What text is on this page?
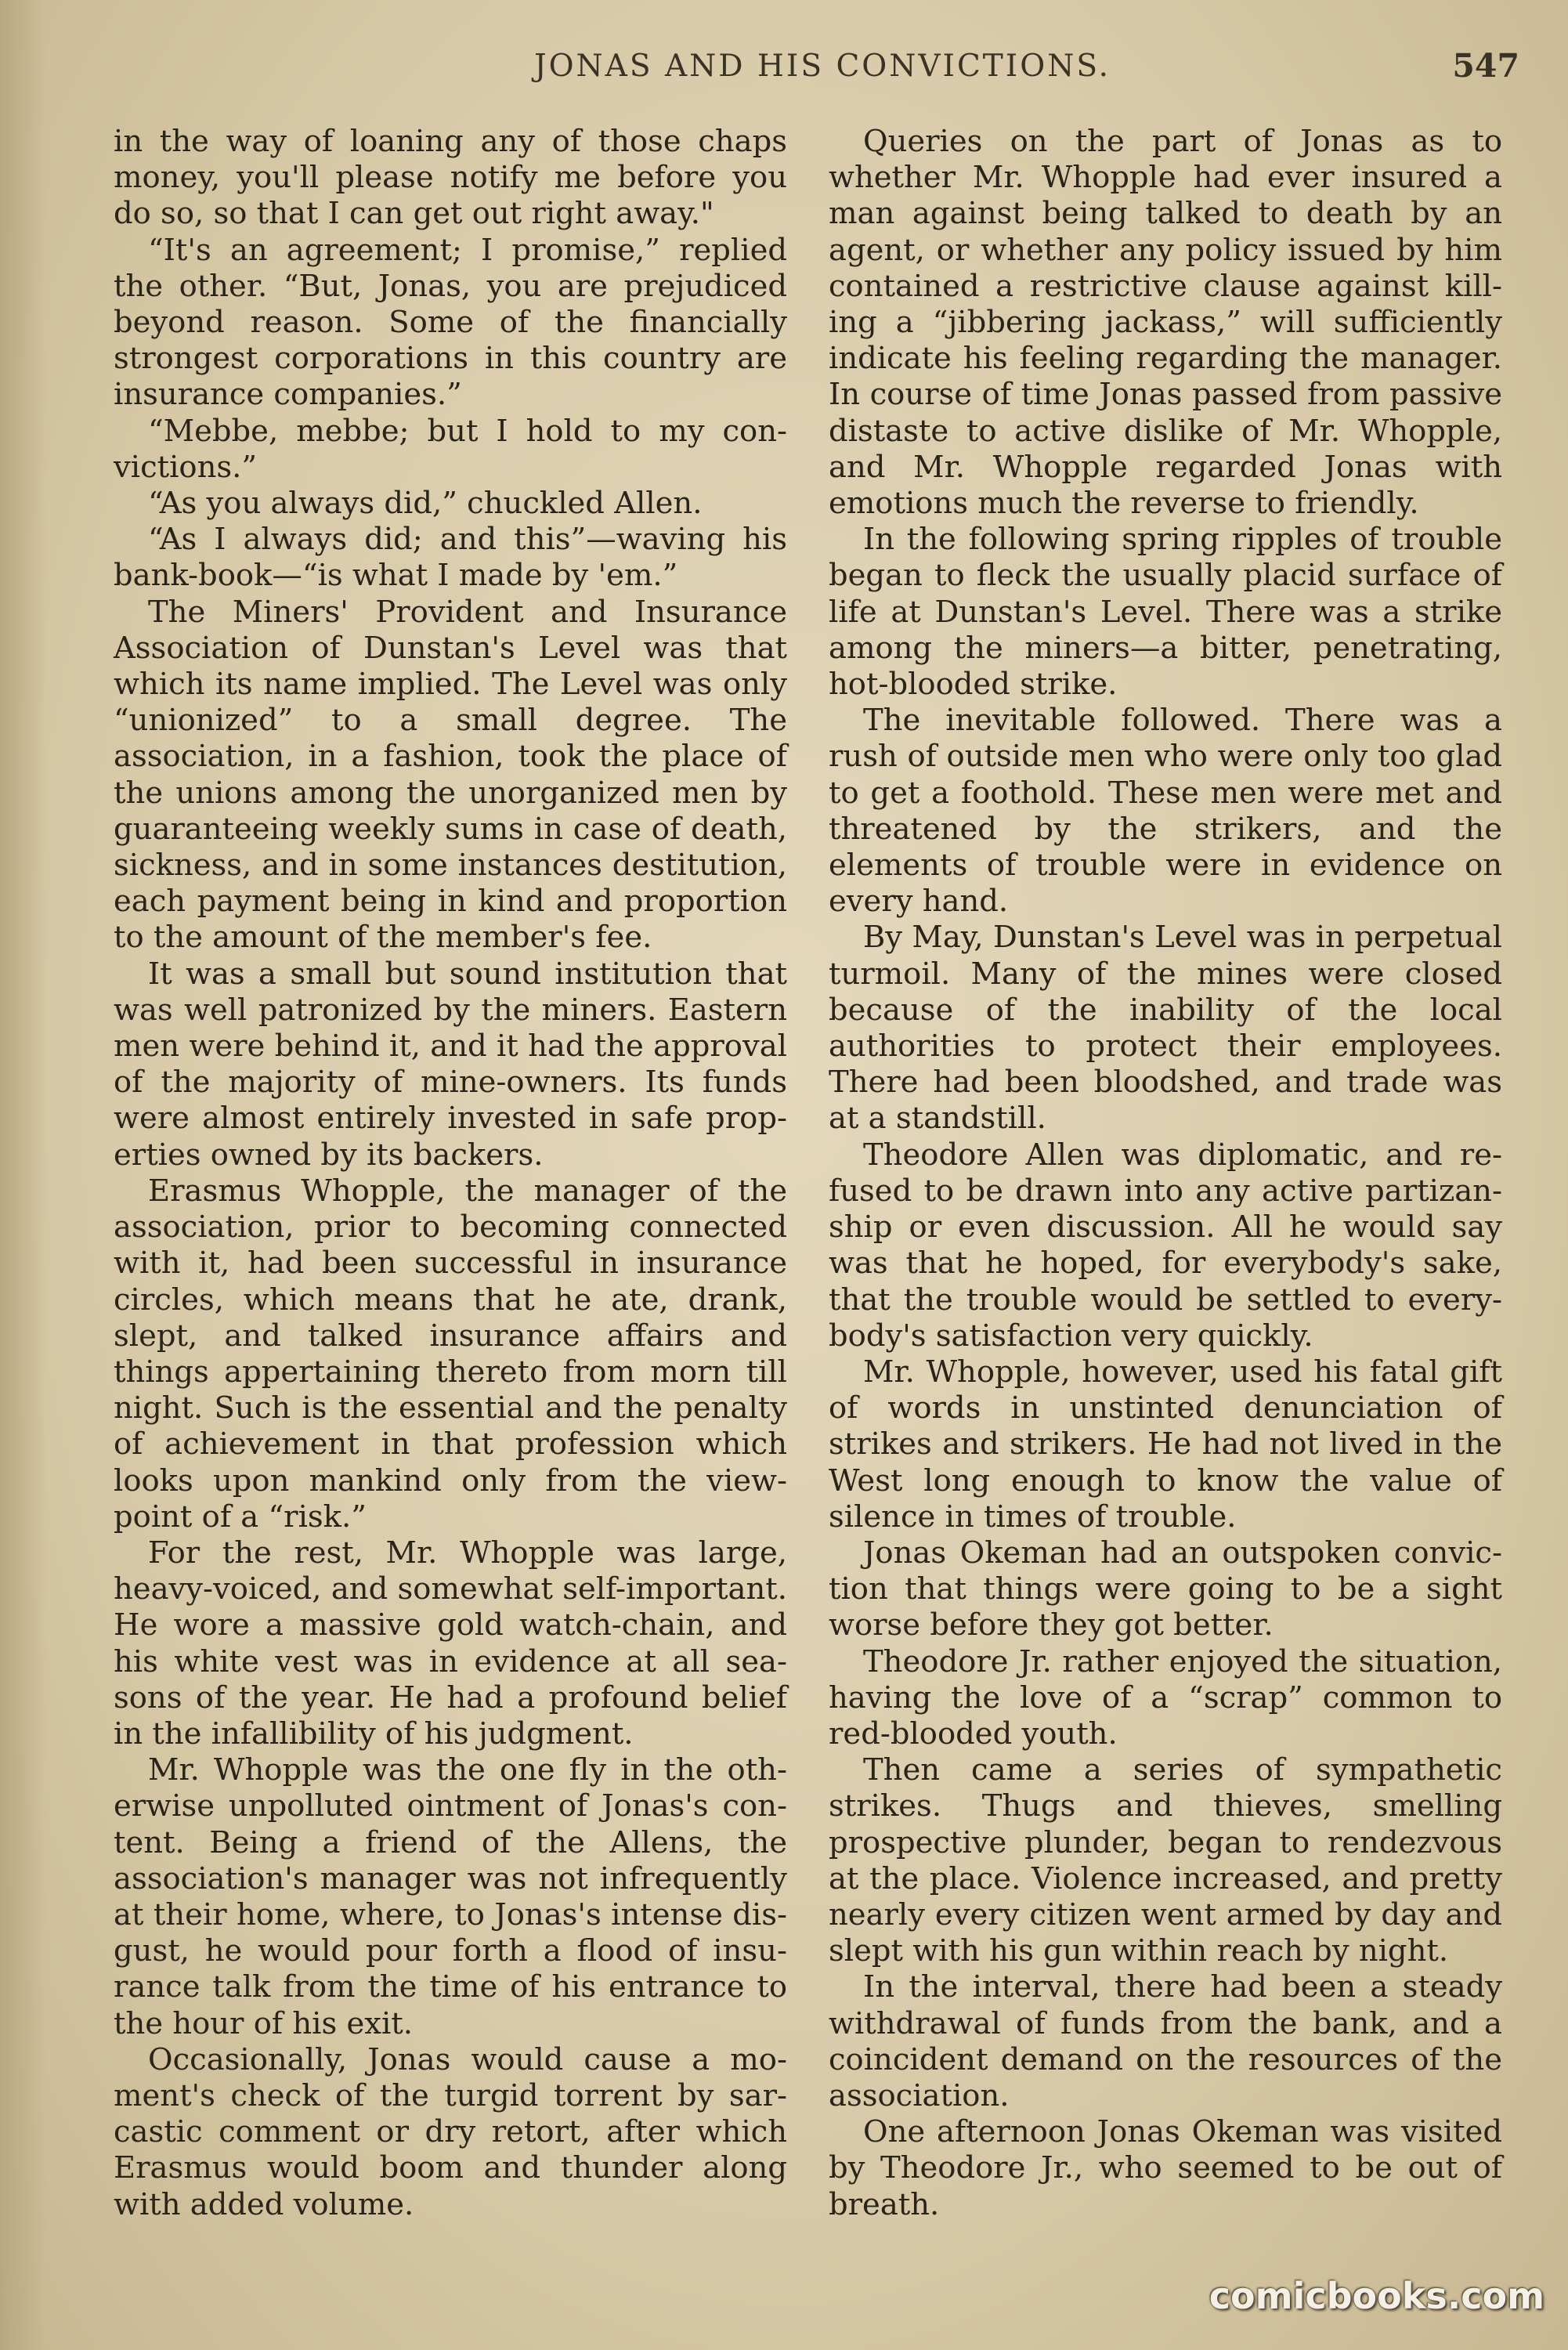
JONAS AND HIS CONVICTIONS.	547

in the way of loaning any of those chaps money, you'll please notify me before you do so, so that I can get out right away."

“It's an agreement; I promise,” replied the other. “But, Jonas, you are prejudiced beyond reason. Some of the financially strongest corporations in this country are insurance companies.”

“Mebbe, mebbe; but I hold to my convictions.”

“As you always did,” chuckled Allen.

“As I always did; and this”—waving his bank-book—“is what I made by 'em.”

The Miners' Provident and Insurance Association of Dunstan's Level was that which its name implied. The Level was only “unionized” to a small degree. The association, in a fashion, took the place of the unions among the unorganized men by guaranteeing weekly sums in case of death, sickness, and in some instances destitution, each payment being in kind and proportion to the amount of the member's fee.

It was a small but sound institution that was well patronized by the miners. Eastern men were behind it, and it had the approval of the majority of mine-owners. Its funds were almost entirely invested in safe properties owned by its backers.

Erasmus Whopple, the manager of the association, prior to becoming connected with it, had been successful in insurance circles, which means that he ate, drank, slept, and talked insurance affairs and things appertaining thereto from morn till night. Such is the essential and the penalty of achievement in that profession which looks upon mankind only from the viewpoint of a “risk.”

For the rest, Mr. Whopple was large, heavy-voiced, and somewhat self-important. He wore a massive gold watch-chain, and his white vest was in evidence at all seasons of the year. He had a profound belief in the infallibility of his judgment.

Mr. Whopple was the one fly in the otherwise unpolluted ointment of Jonas's content. Being a friend of the Allens, the association's manager was not infrequently at their home, where, to Jonas's intense disgust, he would pour forth a flood of insurance talk from the time of his entrance to the hour of his exit.

Occasionally, Jonas would cause a moment's check of the turgid torrent by sarcastic comment or dry retort, after which Erasmus would boom and thunder along with added volume.

Queries on the part of Jonas as to whether Mr. Whopple had ever insured a man against being talked to death by an agent, or whether any policy issued by him contained a restrictive clause against killing a “jibbering jackass,” will sufficiently indicate his feeling regarding the manager. In course of time Jonas passed from passive distaste to active dislike of Mr. Whopple, and Mr. Whopple regarded Jonas with emotions much the reverse to friendly.

In the following spring ripples of trouble began to fleck the usually placid surface of life at Dunstan's Level. There was a strike among the miners—a bitter, penetrating, hot-blooded strike.

The inevitable followed. There was a rush of outside men who were only too glad to get a foothold. These men were met and threatened by the strikers, and the elements of trouble were in evidence on every hand.

By May, Dunstan's Level was in perpetual turmoil. Many of the mines were closed because of the inability of the local authorities to protect their employees. There had been bloodshed, and trade was at a standstill.

Theodore Allen was diplomatic, and refused to be drawn into any active partizanship or even discussion. All he would say was that he hoped, for everybody's sake, that the trouble would be settled to everybody's satisfaction very quickly.

Mr. Whopple, however, used his fatal gift of words in unstinted denunciation of strikes and strikers. He had not lived in the West long enough to know the value of silence in times of trouble.

Jonas Okeman had an outspoken conviction that things were going to be a sight worse before they got better.

Theodore Jr. rather enjoyed the situation, having the love of a “scrap” common to red-blooded youth.

Then came a series of sympathetic strikes. Thugs and thieves, smelling prospective plunder, began to rendezvous at the place. Violence increased, and pretty nearly every citizen went armed by day and slept with his gun within reach by night.

In the interval, there had been a steady withdrawal of funds from the bank, and a coincident demand on the resources of the association.

One afternoon Jonas Okeman was visited by Theodore Jr., who seemed to be out of breath.

comicbooks.com
